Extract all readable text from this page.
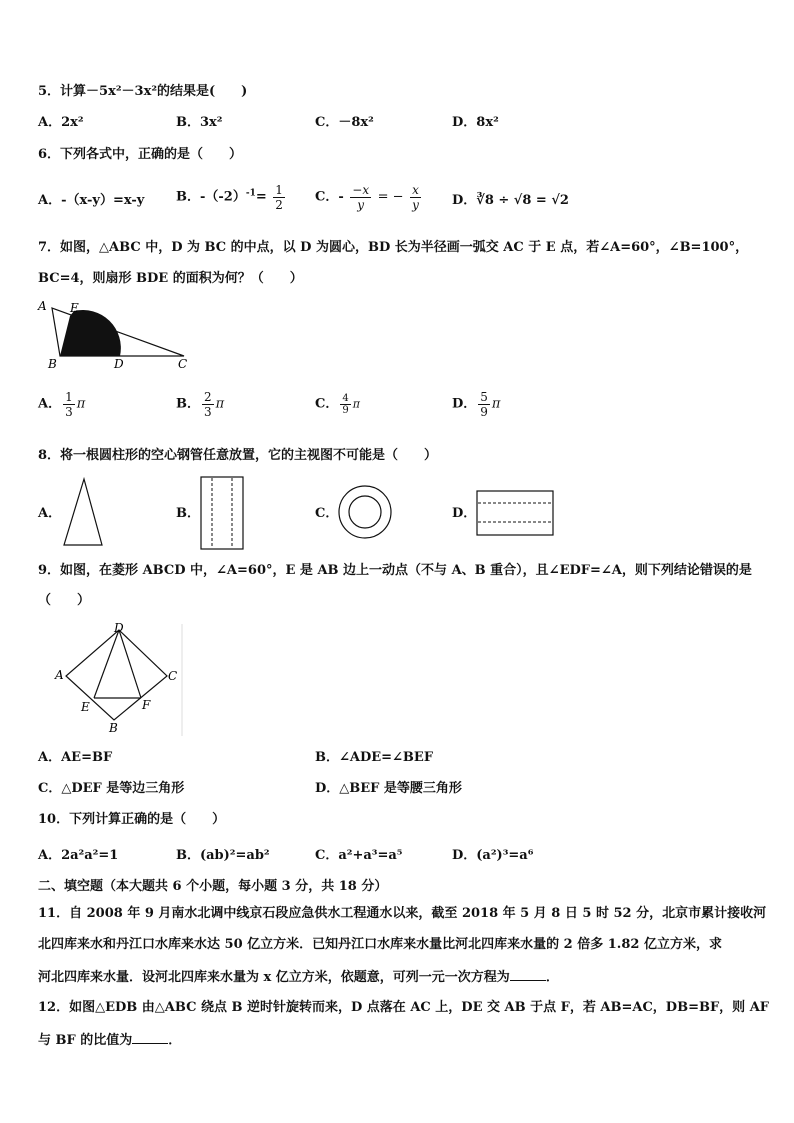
5．计算－5x²－3x²的结果是(　　)
A．2x²	B．3x²	C．－8x²	D．8x²
6．下列各式中，正确的是（　　）
A．-（x-y）=x-y B．$-(-2)^{-1}= \frac{1}{2}$ C．- $\frac{-x}{y}$ = − $\frac{x}{y}$ D．∛8 ÷ √8 = √2
7．如图，△ABC 中，D 为 BC 的中点，以 D 为圆心，BD 长为半径画一弧交 AC 于 E 点，若∠A=60°，∠B=100°，
BC=4，则扇形 BDE 的面积为何？（　　）
A E
B	D	C
A． $\frac{1}{3}$ π	B． $\frac{2}{3}$ π	C． $\frac{4}{9}$ π	D． $\frac{5}{9}$ π
8．将一根圆柱形的空心钢管任意放置，它的主视图不可能是（　　）
A．	B．	C．	D．
9．如图，在菱形 ABCD 中，∠A=60°，E 是 AB 边上一动点（不与 A、B 重合），且∠EDF=∠A，则下列结论错误的是
（　　）
D
A	C
E	F
B
A．AE=BF	B．∠ADE=∠BEF
C．△DEF 是等边三角形	D．△BEF 是等腰三角形
10．下列计算正确的是（　　）
A．2a²a²=1	B．(ab)²=ab²	C．a²+a³=a⁵	D．(a²)³=a⁶
二、填空题（本大题共 6 个小题，每小题 3 分，共 18 分）
11．自 2008 年 9 月南水北调中线京石段应急供水工程通水以来，截至 2018 年 5 月 8 日 5 时 52 分，北京市累计接收河
北四库来水和丹江口水库来水达 50 亿立方米．已知丹江口水库来水量比河北四库来水量的 2 倍多 1.82 亿立方米，求
河北四库来水量．设河北四库来水量为 x 亿立方米，依题意，可列一元一次方程为	．
12．如图△EDB 由△ABC 绕点 B 逆时针旋转而来，D 点落在 AC 上，DE 交 AB 于点 F，若 AB=AC，DB=BF，则 AF
与 BF 的比值为	．
